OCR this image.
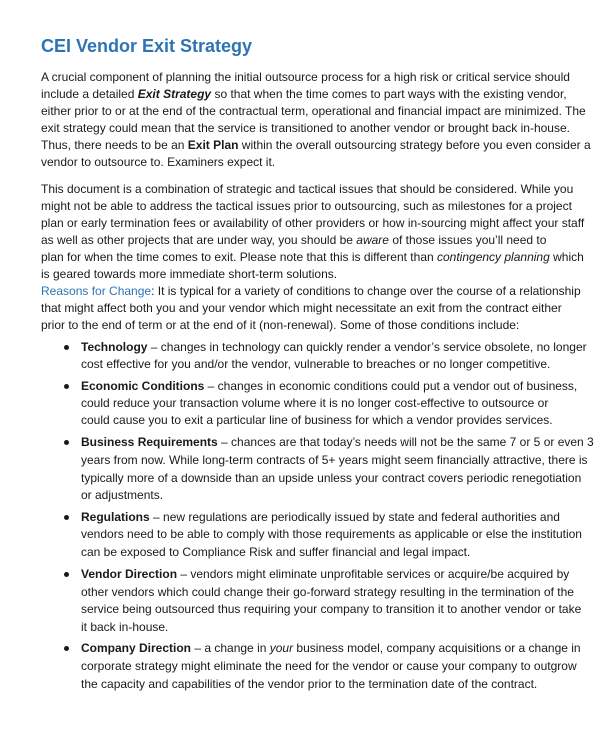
CEI Vendor Exit Strategy
A crucial component of planning the initial outsource process for a high risk or critical service should
include a detailed Exit Strategy so that when the time comes to part ways with the existing vendor,
either prior to or at the end of the contractual term, operational and financial impact are minimized. The
exit strategy could mean that the service is transitioned to another vendor or brought back in-house.
Thus, there needs to be an Exit Plan within the overall outsourcing strategy before you even consider a
vendor to outsource to. Examiners expect it.
This document is a combination of strategic and tactical issues that should be considered. While you
might not be able to address the tactical issues prior to outsourcing, such as milestones for a project
plan or early termination fees or availability of other providers or how in-sourcing might affect your staff
as well as other projects that are under way, you should be aware of those issues you’ll need to
plan for when the time comes to exit. Please note that this is different than contingency planning which
is geared towards more immediate short-term solutions.
Reasons for Change: It is typical for a variety of conditions to change over the course of a relationship
that might affect both you and your vendor which might necessitate an exit from the contract either
prior to the end of term or at the end of it (non-renewal). Some of those conditions include:
Technology – changes in technology can quickly render a vendor’s service obsolete, no longer
cost effective for you and/or the vendor, vulnerable to breaches or no longer competitive.
Economic Conditions – changes in economic conditions could put a vendor out of business,
could reduce your transaction volume where it is no longer cost-effective to outsource or
could cause you to exit a particular line of business for which a vendor provides services.
Business Requirements – chances are that today’s needs will not be the same 7 or 5 or even 3
years from now. While long-term contracts of 5+ years might seem financially attractive, there is
typically more of a downside than an upside unless your contract covers periodic renegotiation
or adjustments.
Regulations – new regulations are periodically issued by state and federal authorities and
vendors need to be able to comply with those requirements as applicable or else the institution
can be exposed to Compliance Risk and suffer financial and legal impact.
Vendor Direction – vendors might eliminate unprofitable services or acquire/be acquired by
other vendors which could change their go-forward strategy resulting in the termination of the
service being outsourced thus requiring your company to transition it to another vendor or take
it back in-house.
Company Direction – a change in your business model, company acquisitions or a change in
corporate strategy might eliminate the need for the vendor or cause your company to outgrow
the capacity and capabilities of the vendor prior to the termination date of the contract.
